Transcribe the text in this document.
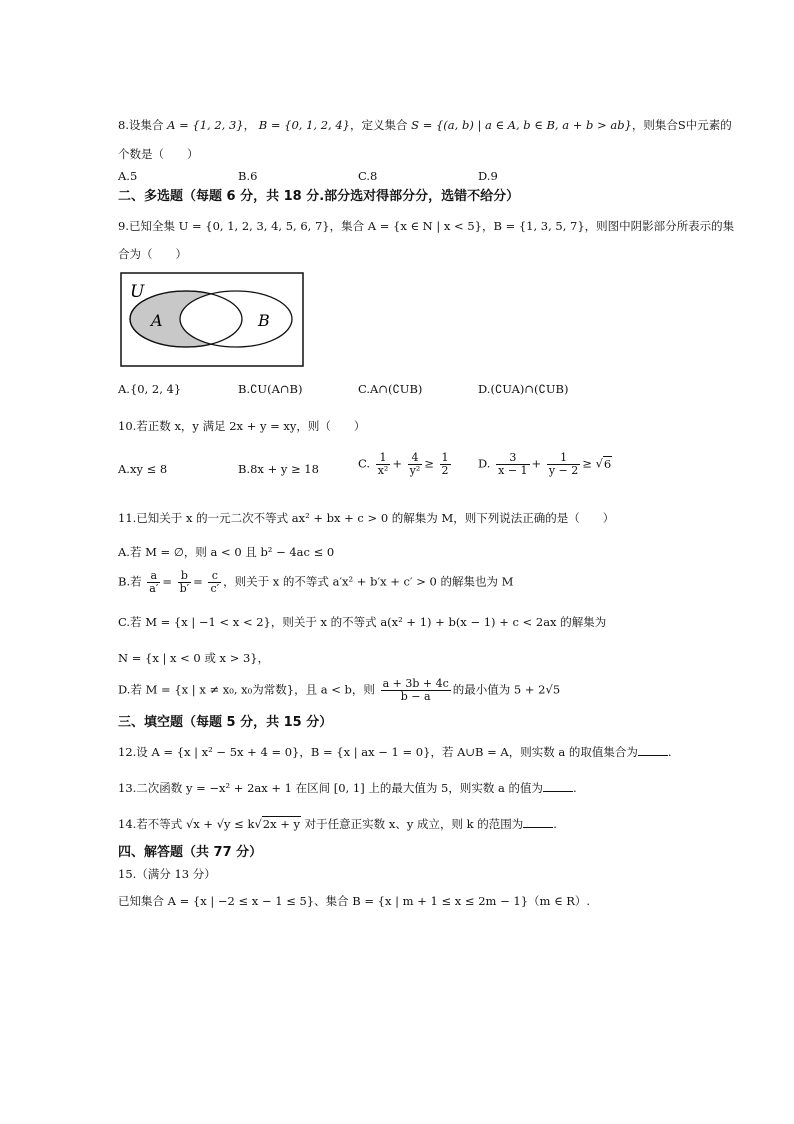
8.设集合 A = {1, 2, 3}， B = {0, 1, 2, 4}，定义集合 S = {(a, b) | a ∈ A, b ∈ B, a + b > ab}，则集合S中元素的
个数是（　　）
A.5	B.6	C.8	D.9
二、多选题（每题 6 分，共 18 分.部分选对得部分分，选错不给分）
9.已知全集 U = {0, 1, 2, 3, 4, 5, 6, 7}，集合 A = {x ∈ N | x < 5}，B = {1, 3, 5, 7}，则图中阴影部分所表示的集
合为（　　）
U
A	B
A.{0, 2, 4}	B.∁U(A∩B)	C.A∩(∁UB)	D.(∁UA)∩(∁UB)
10.若正数 x，y 满足 2x + y = xy，则（　　）
A.xy ≤ 8	B.8x + y ≥ 18	C. $\frac{1}{\text{x²}} + \frac{4}{\text{y²}} \ge \frac{1}{2} D$. $\frac{3}{x - 1} + \frac{1}{y - 2} \ge √6$
11.已知关于 x 的一元二次不等式 ax² + bx + c > 0 的解集为 M，则下列说法正确的是（　　）
A.若 M = ∅，则 a < 0 且 b² − 4ac ≤ 0
B.若 $\frac{a}{a'} = \frac{b}{b'} = \frac{c}{c'}$ ，则关于 x 的不等式 a′x² + b′x + c′ > 0 的解集也为 M
C.若 M = {x | −1 < x < 2}，则关于 x 的不等式 a(x² + 1) + b(x − 1) + c < 2ax 的解集为
N = {x | x < 0 或 x > 3}，
D.若 M = {x | x ≠ x₀, x₀为常数}，且 a < b，则 $\frac{a + 3b + 4c}{b - a}$ 的最小值为 5 + 2√5
三、填空题（每题 5 分，共 15 分）
12.设 A = {x | x² − 5x + 4 = 0}，B = {x | ax − 1 = 0}，若 A∪B = A，则实数 a 的取值集合为	.
13.二次函数 y = −x² + 2ax + 1 在区间 [0, 1] 上的最大值为 5，则实数 a 的值为	.
14.若不等式 √x + √y ≤ k√2x + y 对于任意正实数 x、y 成立，则 k 的范围为	.
四、解答题（共 77 分）
15.（满分 13 分）
已知集合 A = {x | −2 ≤ x − 1 ≤ 5}、集合 B = {x | m + 1 ≤ x ≤ 2m − 1}（m ∈ R）.
